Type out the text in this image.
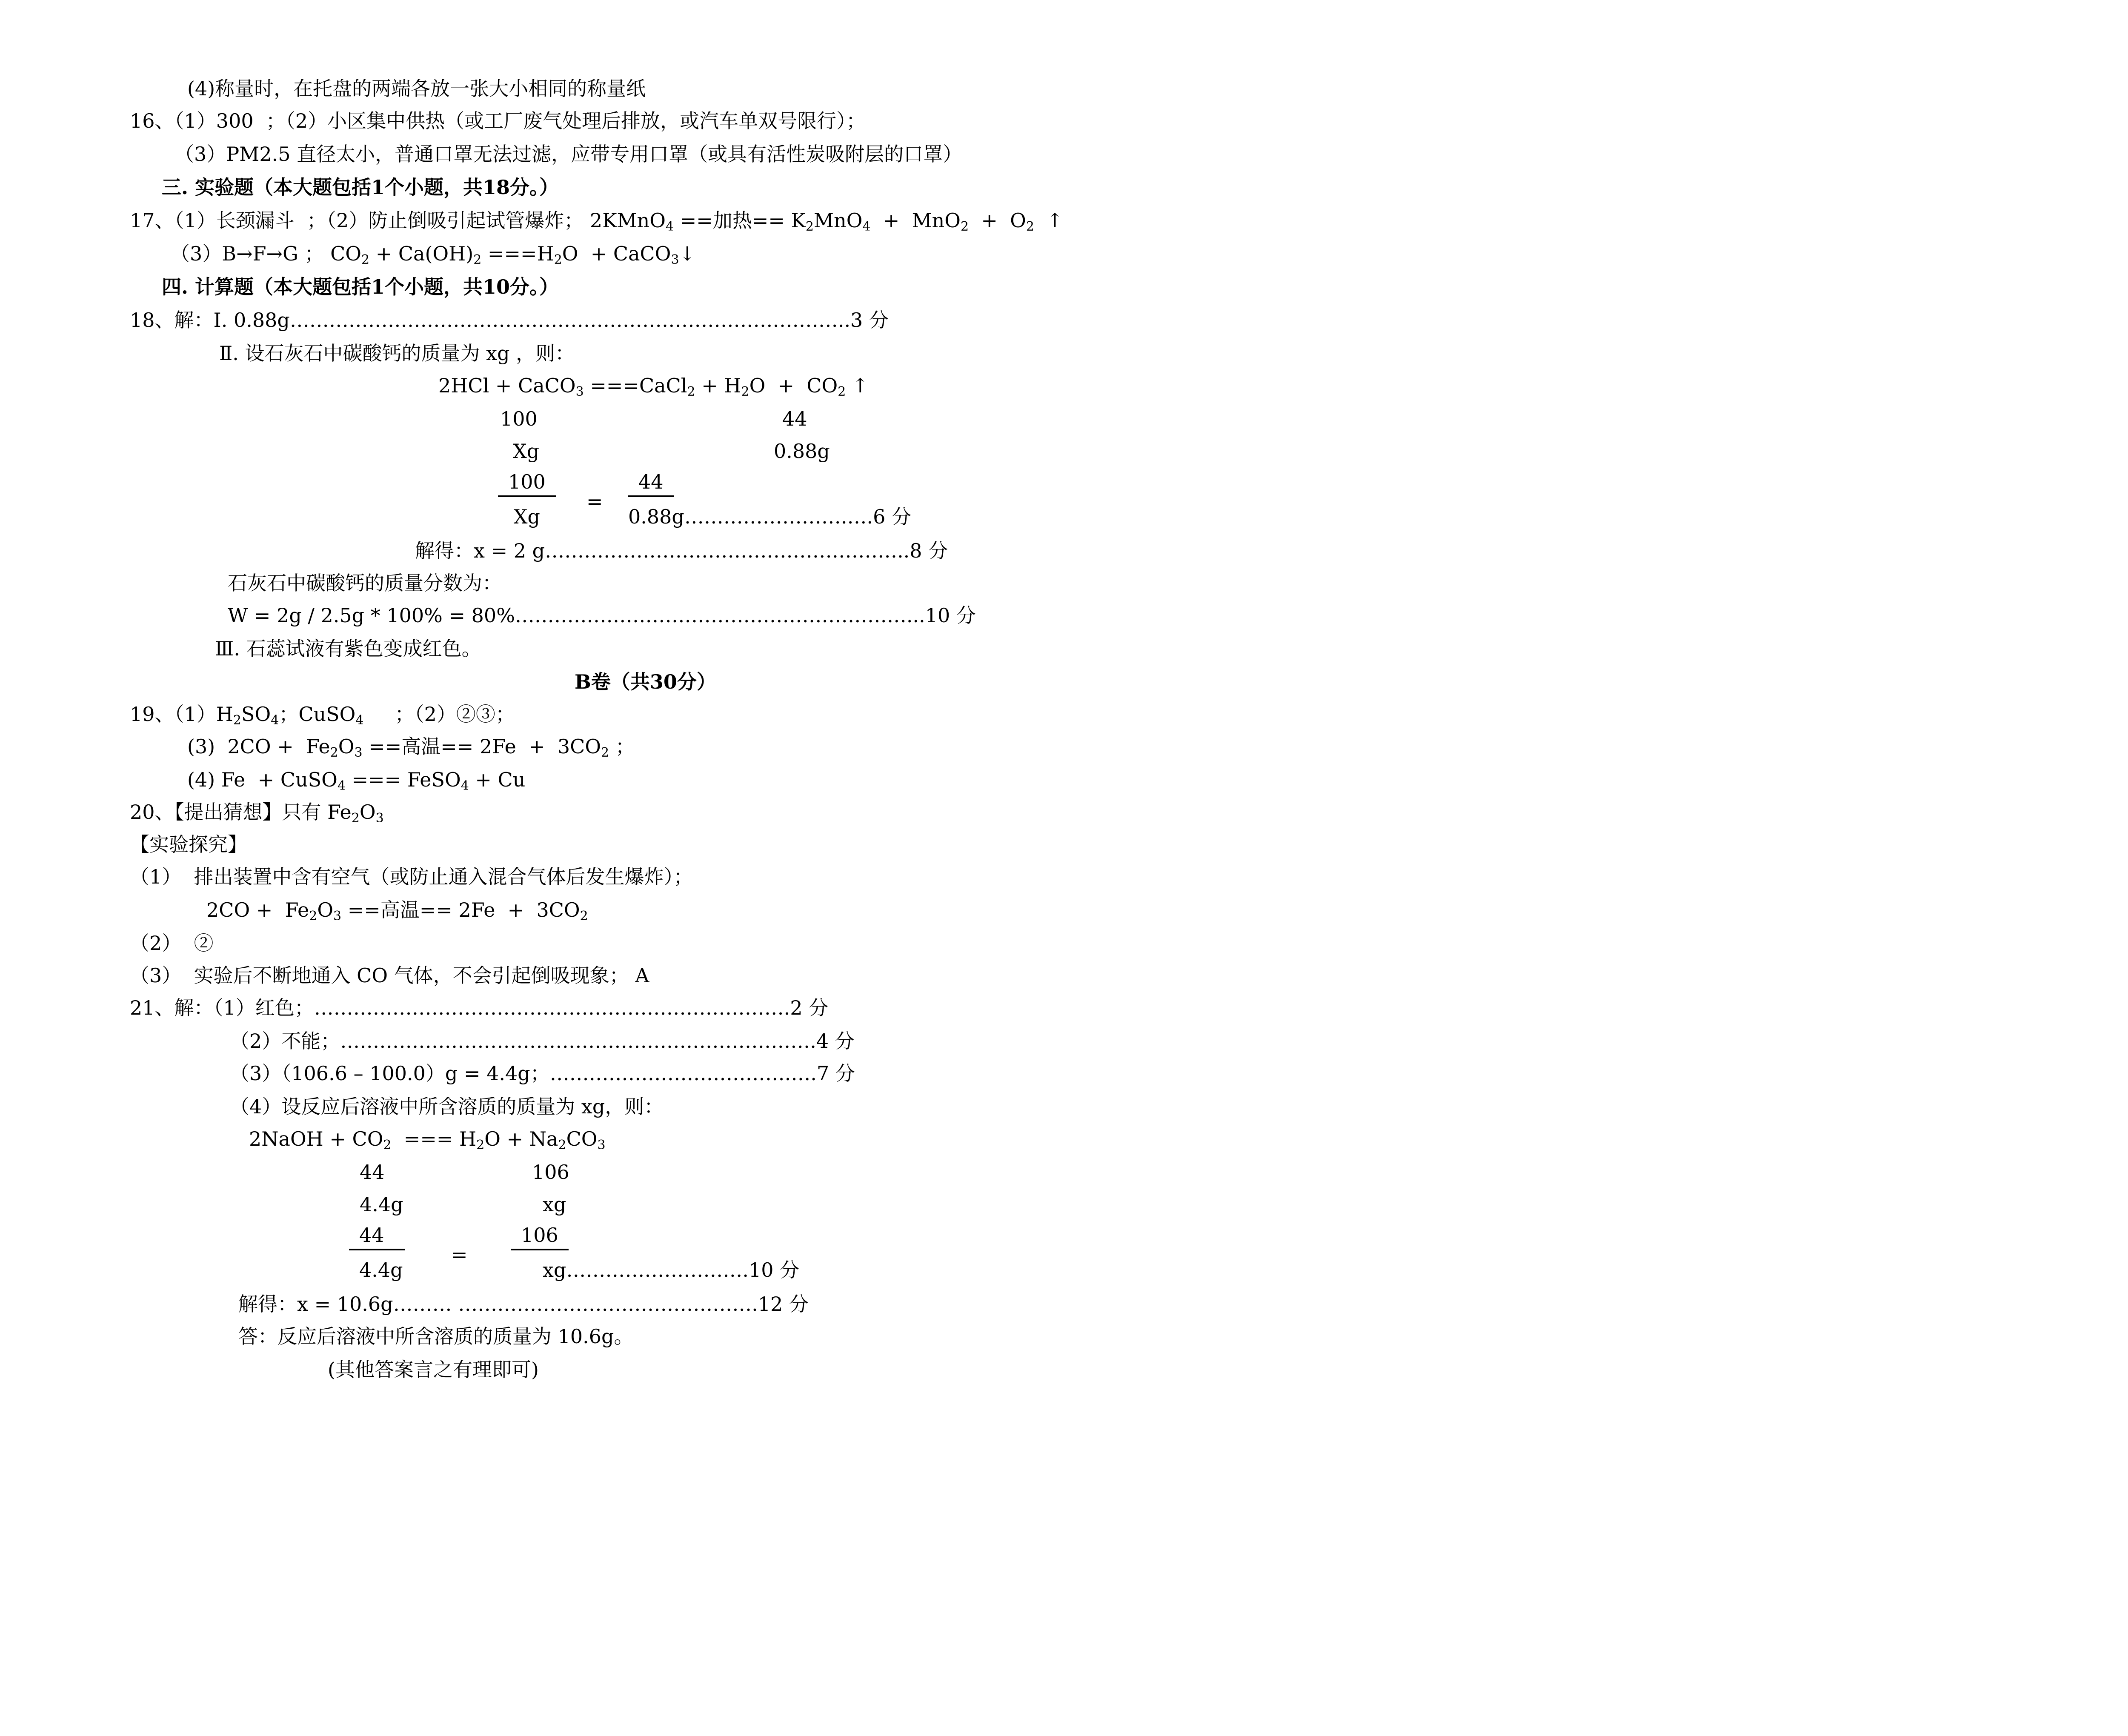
(4)称量时，在托盘的两端各放一张大小相同的称量纸
16、（1）300  ；（2）小区集中供热（或工厂废气处理后排放，或汽车单双号限行）；
（3）PM2.5 直径太小，普通口罩无法过滤，应带专用口罩（或具有活性炭吸附层的口罩）
三. 实验题（本大题包括1个小题，共18分。）
17、（1）长颈漏斗  ；（2）防止倒吸引起试管爆炸； 2KMnO$_4$ ==加热== $K_2MnO_4 + MnO_2 + O_2$  ↑
（3）B→F→G ； $CO_2 + Ca(OH)_2 ===H_2O$  + CaCO$_3$↓
四. 计算题（本大题包括1个小题，共10分。）
18、解：Ⅰ. 0.88g…………………………………………………………………………..3 分
Ⅱ. 设石灰石中碳酸钙的质量为 xg ，则：
2HCl + CaCO$_3$ ===CaCl$_2$ + $H_2O + CO_2$ ↑
100	44
Xg	0.88g
$\frac{100}{Xg}$ =
44
0.88g…………………….….6 分
解得：x = 2 g………………………………………………..8 分
石灰石中碳酸钙的质量分数为：
W = 2g / 2.5g * 100% = 80%……………………………………………………...10 分
Ⅲ. 石蕊试液有紫色变成红色。
B卷（共30分）
19、$(1)H_2SO_4$；CuSO$_4$     ；（2）②③；
(3)  $2CO + Fe_2O_3$ ==高温== $2Fe + 3CO_2$ ；
(4) Fe  + CuSO$_4$ === FeSO$_4$ + Cu
20、【提出猜想】只有 $Fe_2O_3$
【实验探究】
（1）  排出装置中含有空气（或防止通入混合气体后发生爆炸）；
$2CO + Fe_2O_3$ ==高温== $2Fe + 3CO_2$
（2）  ②
（3）  实验后不断地通入 CO 气体，不会引起倒吸现象； A
21、解：（1）红色；……………………………………………………………….2 分
（2）不能；……………………………………………………………….4 分
（3）（106.6 – 100.0）g = 4.4g；……………………………….….7 分
（4）设反应后溶液中所含溶质的质量为 xg，则：
2NaOH + $CO_2$  === $H_2O + Na_2CO_3$
44	106
4.4g	xg
$\frac{44}{4.4g}$ =
106
xg……………………….10 分
解得：x = 10.6g……… ……………………………………….12 分
答：反应后溶液中所含溶质的质量为 10.6g。
(其他答案言之有理即可)
